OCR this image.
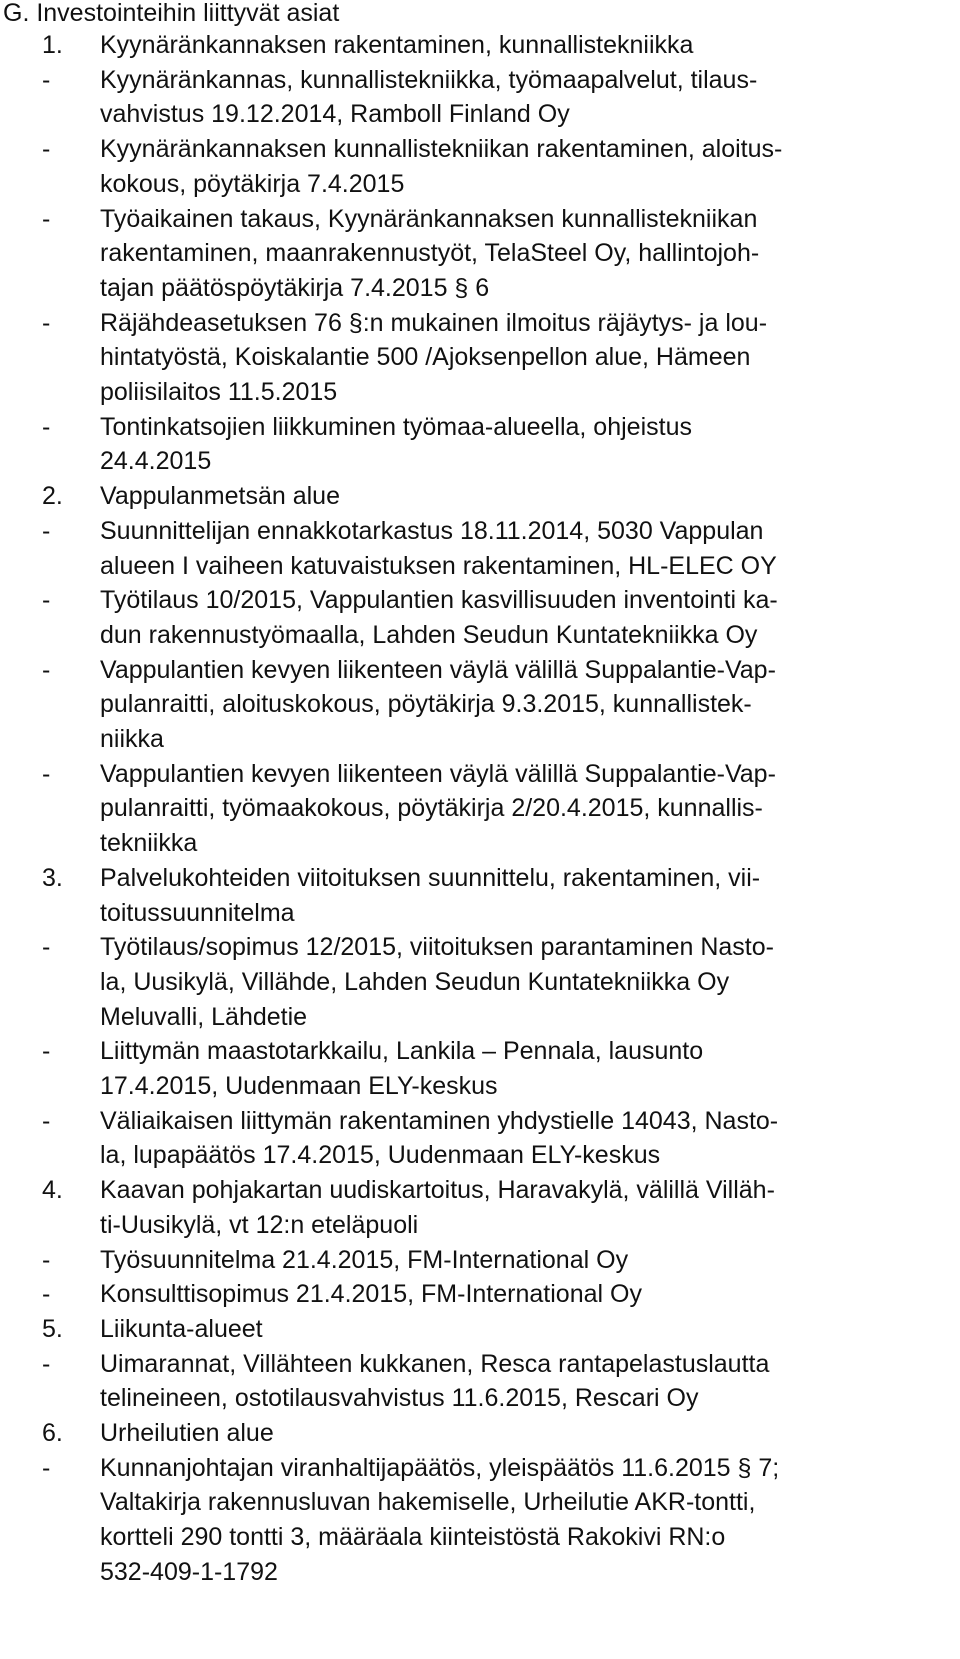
G. Investointeihin liittyvät asiat
1. Kyynäränkannaksen rakentaminen, kunnallistekniikka
- Kyynäränkannas, kunnallistekniikka, työmaapalvelut, tilaus-
vahvistus 19.12.2014, Ramboll Finland Oy
- Kyynäränkannaksen kunnallistekniikan rakentaminen, aloitus-
kokous, pöytäkirja 7.4.2015
- Työaikainen takaus, Kyynäränkannaksen kunnallistekniikan
rakentaminen, maanrakennustyöt, TelaSteel Oy, hallintojoh-
tajan päätöspöytäkirja 7.4.2015 § 6
- Räjähdeasetuksen 76 §:n mukainen ilmoitus räjäytys- ja lou-
hintatyöstä, Koiskalantie 500 /Ajoksenpellon alue, Hämeen
poliisilaitos 11.5.2015
- Tontinkatsojien liikkuminen työmaa-alueella, ohjeistus
24.4.2015
2. Vappulanmetsän alue
- Suunnittelijan ennakkotarkastus 18.11.2014, 5030 Vappulan
alueen I vaiheen katuvaistuksen rakentaminen, HL-ELEC OY
- Työtilaus 10/2015, Vappulantien kasvillisuuden inventointi ka-
dun rakennustyömaalla, Lahden Seudun Kuntatekniikka Oy
- Vappulantien kevyen liikenteen väylä välillä Suppalantie-Vap-
pulanraitti, aloituskokous, pöytäkirja 9.3.2015, kunnallistek-
niikka
- Vappulantien kevyen liikenteen väylä välillä Suppalantie-Vap-
pulanraitti, työmaakokous, pöytäkirja 2/20.4.2015, kunnallis-
tekniikka
3. Palvelukohteiden viitoituksen suunnittelu, rakentaminen, vii-
toitussuunnitelma
- Työtilaus/sopimus 12/2015, viitoituksen parantaminen Nasto-
la, Uusikylä, Villähde, Lahden Seudun Kuntatekniikka Oy
Meluvalli, Lähdetie
- Liittymän maastotarkkailu, Lankila – Pennala, lausunto
17.4.2015, Uudenmaan ELY-keskus
- Väliaikaisen liittymän rakentaminen yhdystielle 14043, Nasto-
la, lupapäätös 17.4.2015, Uudenmaan ELY-keskus
4. Kaavan pohjakartan uudiskartoitus, Haravakylä, välillä Villäh-
ti-Uusikylä, vt 12:n eteläpuoli
- Työsuunnitelma 21.4.2015, FM-International Oy
- Konsulttisopimus 21.4.2015, FM-International Oy
5. Liikunta-alueet
- Uimarannat, Villähteen kukkanen, Resca rantapelastuslautta
telineineen, ostotilausvahvistus 11.6.2015, Rescari Oy
6. Urheilutien alue
- Kunnanjohtajan viranhaltijapäätös, yleispäätös 11.6.2015 § 7;
Valtakirja rakennusluvan hakemiselle, Urheilutie AKR-tontti,
kortteli 290 tontti 3, määräala kiinteistöstä Rakokivi RN:o
532-409-1-1792
